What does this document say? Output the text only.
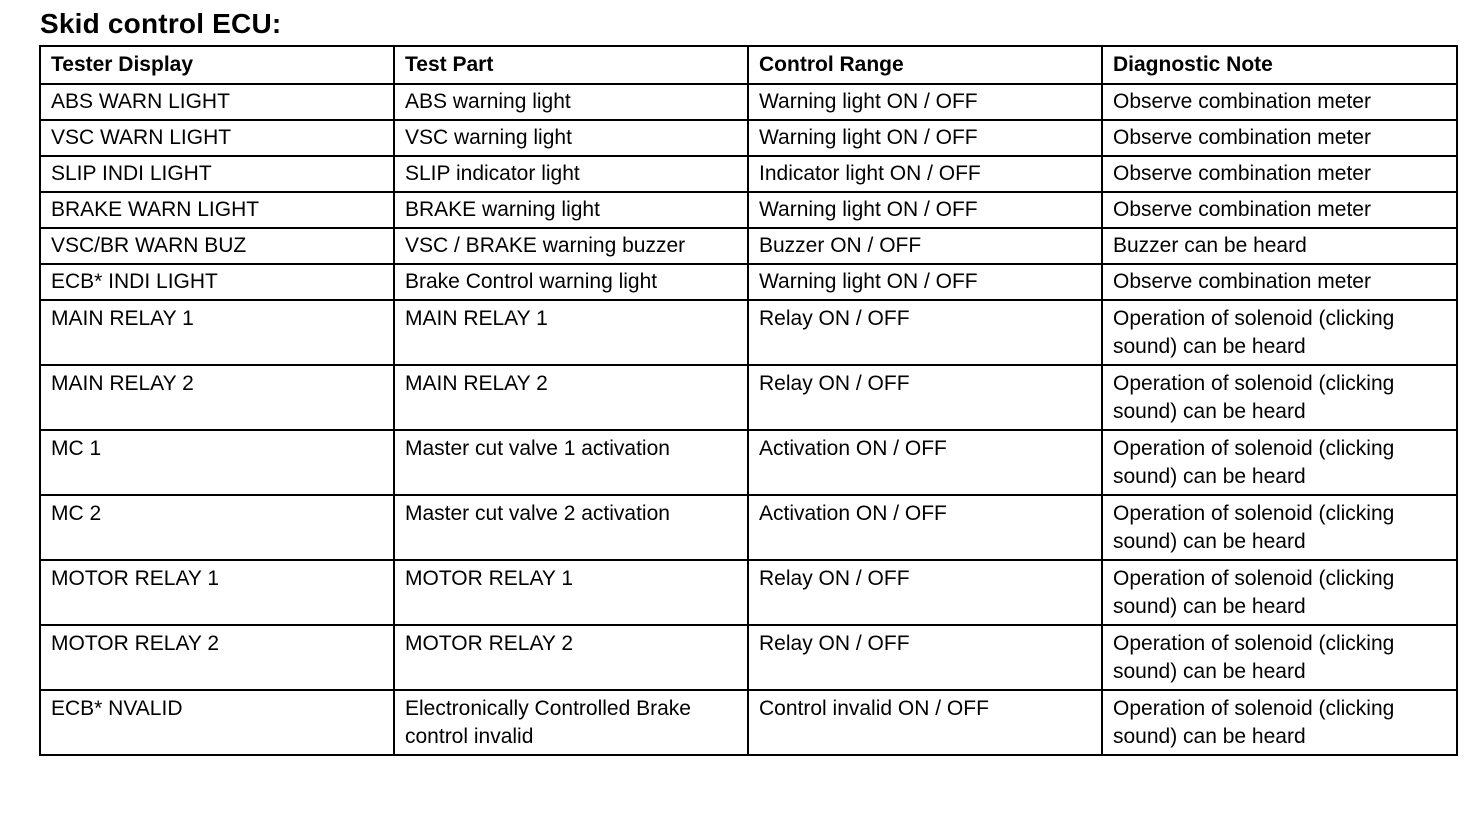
Skid control ECU:
Tester Display	Test Part	Control Range	Diagnostic Note
ABS WARN LIGHT	ABS warning light	Warning light ON / OFF	Observe combination meter
VSC WARN LIGHT	VSC warning light	Warning light ON / OFF	Observe combination meter
SLIP INDI LIGHT	SLIP indicator light	Indicator light ON / OFF	Observe combination meter
BRAKE WARN LIGHT	BRAKE warning light	Warning light ON / OFF	Observe combination meter
VSC/BR WARN BUZ	VSC / BRAKE warning buzzer	Buzzer ON / OFF	Buzzer can be heard
ECB* INDI LIGHT	Brake Control warning light	Warning light ON / OFF	Observe combination meter
MAIN RELAY 1	MAIN RELAY 1	Relay ON / OFF	Operation of solenoid (clicking sound) can be heard
MAIN RELAY 2	MAIN RELAY 2	Relay ON / OFF	Operation of solenoid (clicking sound) can be heard
MC 1	Master cut valve 1 activation	Activation ON / OFF	Operation of solenoid (clicking sound) can be heard
MC 2	Master cut valve 2 activation	Activation ON / OFF	Operation of solenoid (clicking sound) can be heard
MOTOR RELAY 1	MOTOR RELAY 1	Relay ON / OFF	Operation of solenoid (clicking sound) can be heard
MOTOR RELAY 2	MOTOR RELAY 2	Relay ON / OFF	Operation of solenoid (clicking sound) can be heard
ECB* NVALID	Electronically Controlled Brake control invalid	Control invalid ON / OFF	Operation of solenoid (clicking sound) can be heard
